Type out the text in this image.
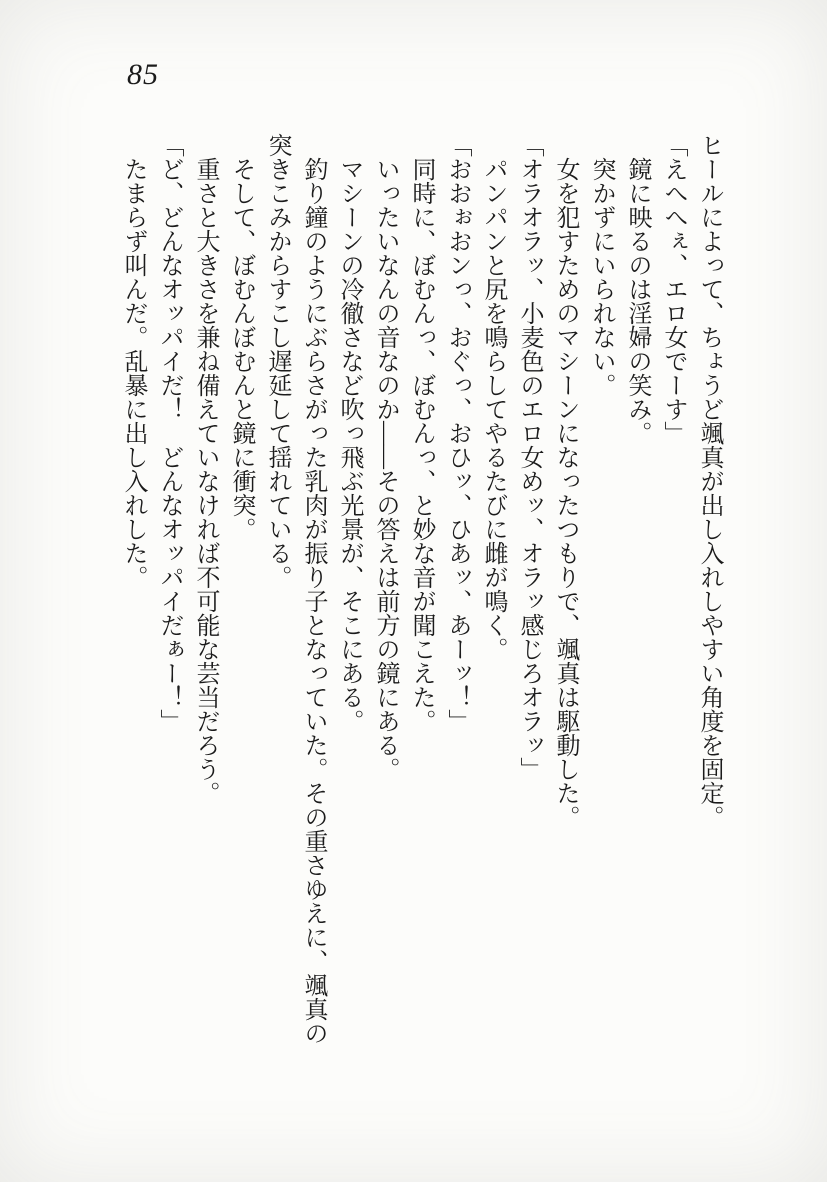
85

ヒールによって、ちょうど颯真が出し入れしやすい角度を固定。

「えへへぇ、エロ女でーす」

鏡に映るのは淫婦の笑み。

突かずにいられない。

女を犯すためのマシーンになったつもりで、颯真は駆動した。

「オラオラッ、小麦色のエロ女めッ、オラッ感じろオラッ」

パンパンと尻を鳴らしてやるたびに雌が鳴く。

「おおぉおンっ、おぐっ、おひッ、ひあッ、あーッ！」

同時に、ぼむんっ、ぼむんっ、と妙な音が聞こえた。

いったいなんの音なのか――その答えは前方の鏡にある。

マシーンの冷徹さなど吹っ飛ぶ光景が、そこにある。

釣り鐘のようにぶらさがった乳肉が振り子となっていた。その重さゆえに、颯真の突きこみからすこし遅延して揺れている。

そして、ぼむんぼむんと鏡に衝突。

重さと大きさを兼ね備えていなければ不可能な芸当だろう。

「ど、どんなオッパイだ！　どんなオッパイだぁー！」

たまらず叫んだ。乱暴に出し入れした。
